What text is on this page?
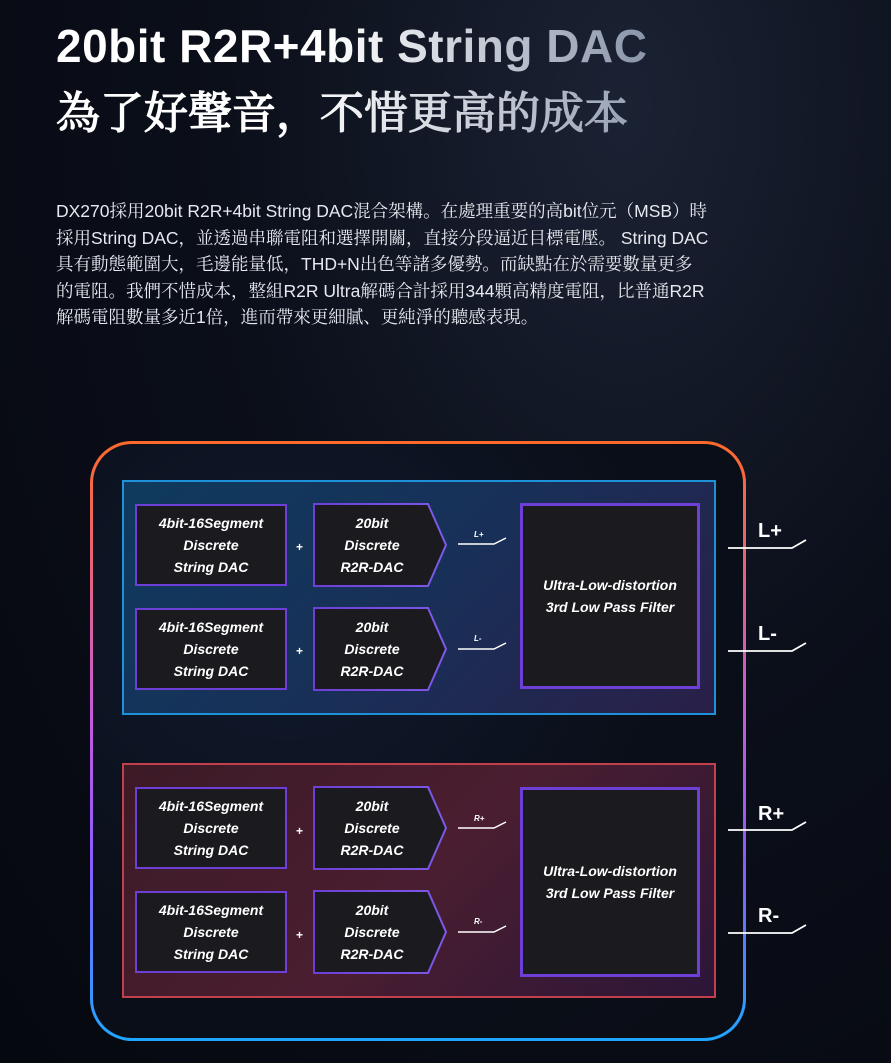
20bit R2R+4bit String DAC
為了好聲音，不惜更高的成本

DX270採用20bit R2R+4bit String DAC混合架構。在處理重要的高bit位元（MSB）時

採用String DAC，並透過串聯電阻和選擇開關，直接分段逼近目標電壓。 String DAC

具有動態範圍大，毛邊能量低，THD+N出色等諸多優勢。而缺點在於需要數量更多

的電阻。我們不惜成本，整組R2R Ultra解碼合計採用344顆高精度電阻，比普通R2R

解碼電阻數量多近1倍，進而帶來更細膩、更純淨的聽感表現。

4bit-16Segment
Discrete
String DAC
+
20bit
Discrete
R2R-DAC
L+
4bit-16Segment
Discrete
String DAC
+
20bit
Discrete
R2R-DAC
L-
Ultra-Low-distortion
3rd Low Pass Filter
L+
L-
4bit-16Segment
Discrete
String DAC
+
20bit
Discrete
R2R-DAC
R+
4bit-16Segment
Discrete
String DAC
+
20bit
Discrete
R2R-DAC
R-
Ultra-Low-distortion
3rd Low Pass Filter
R+
R-
